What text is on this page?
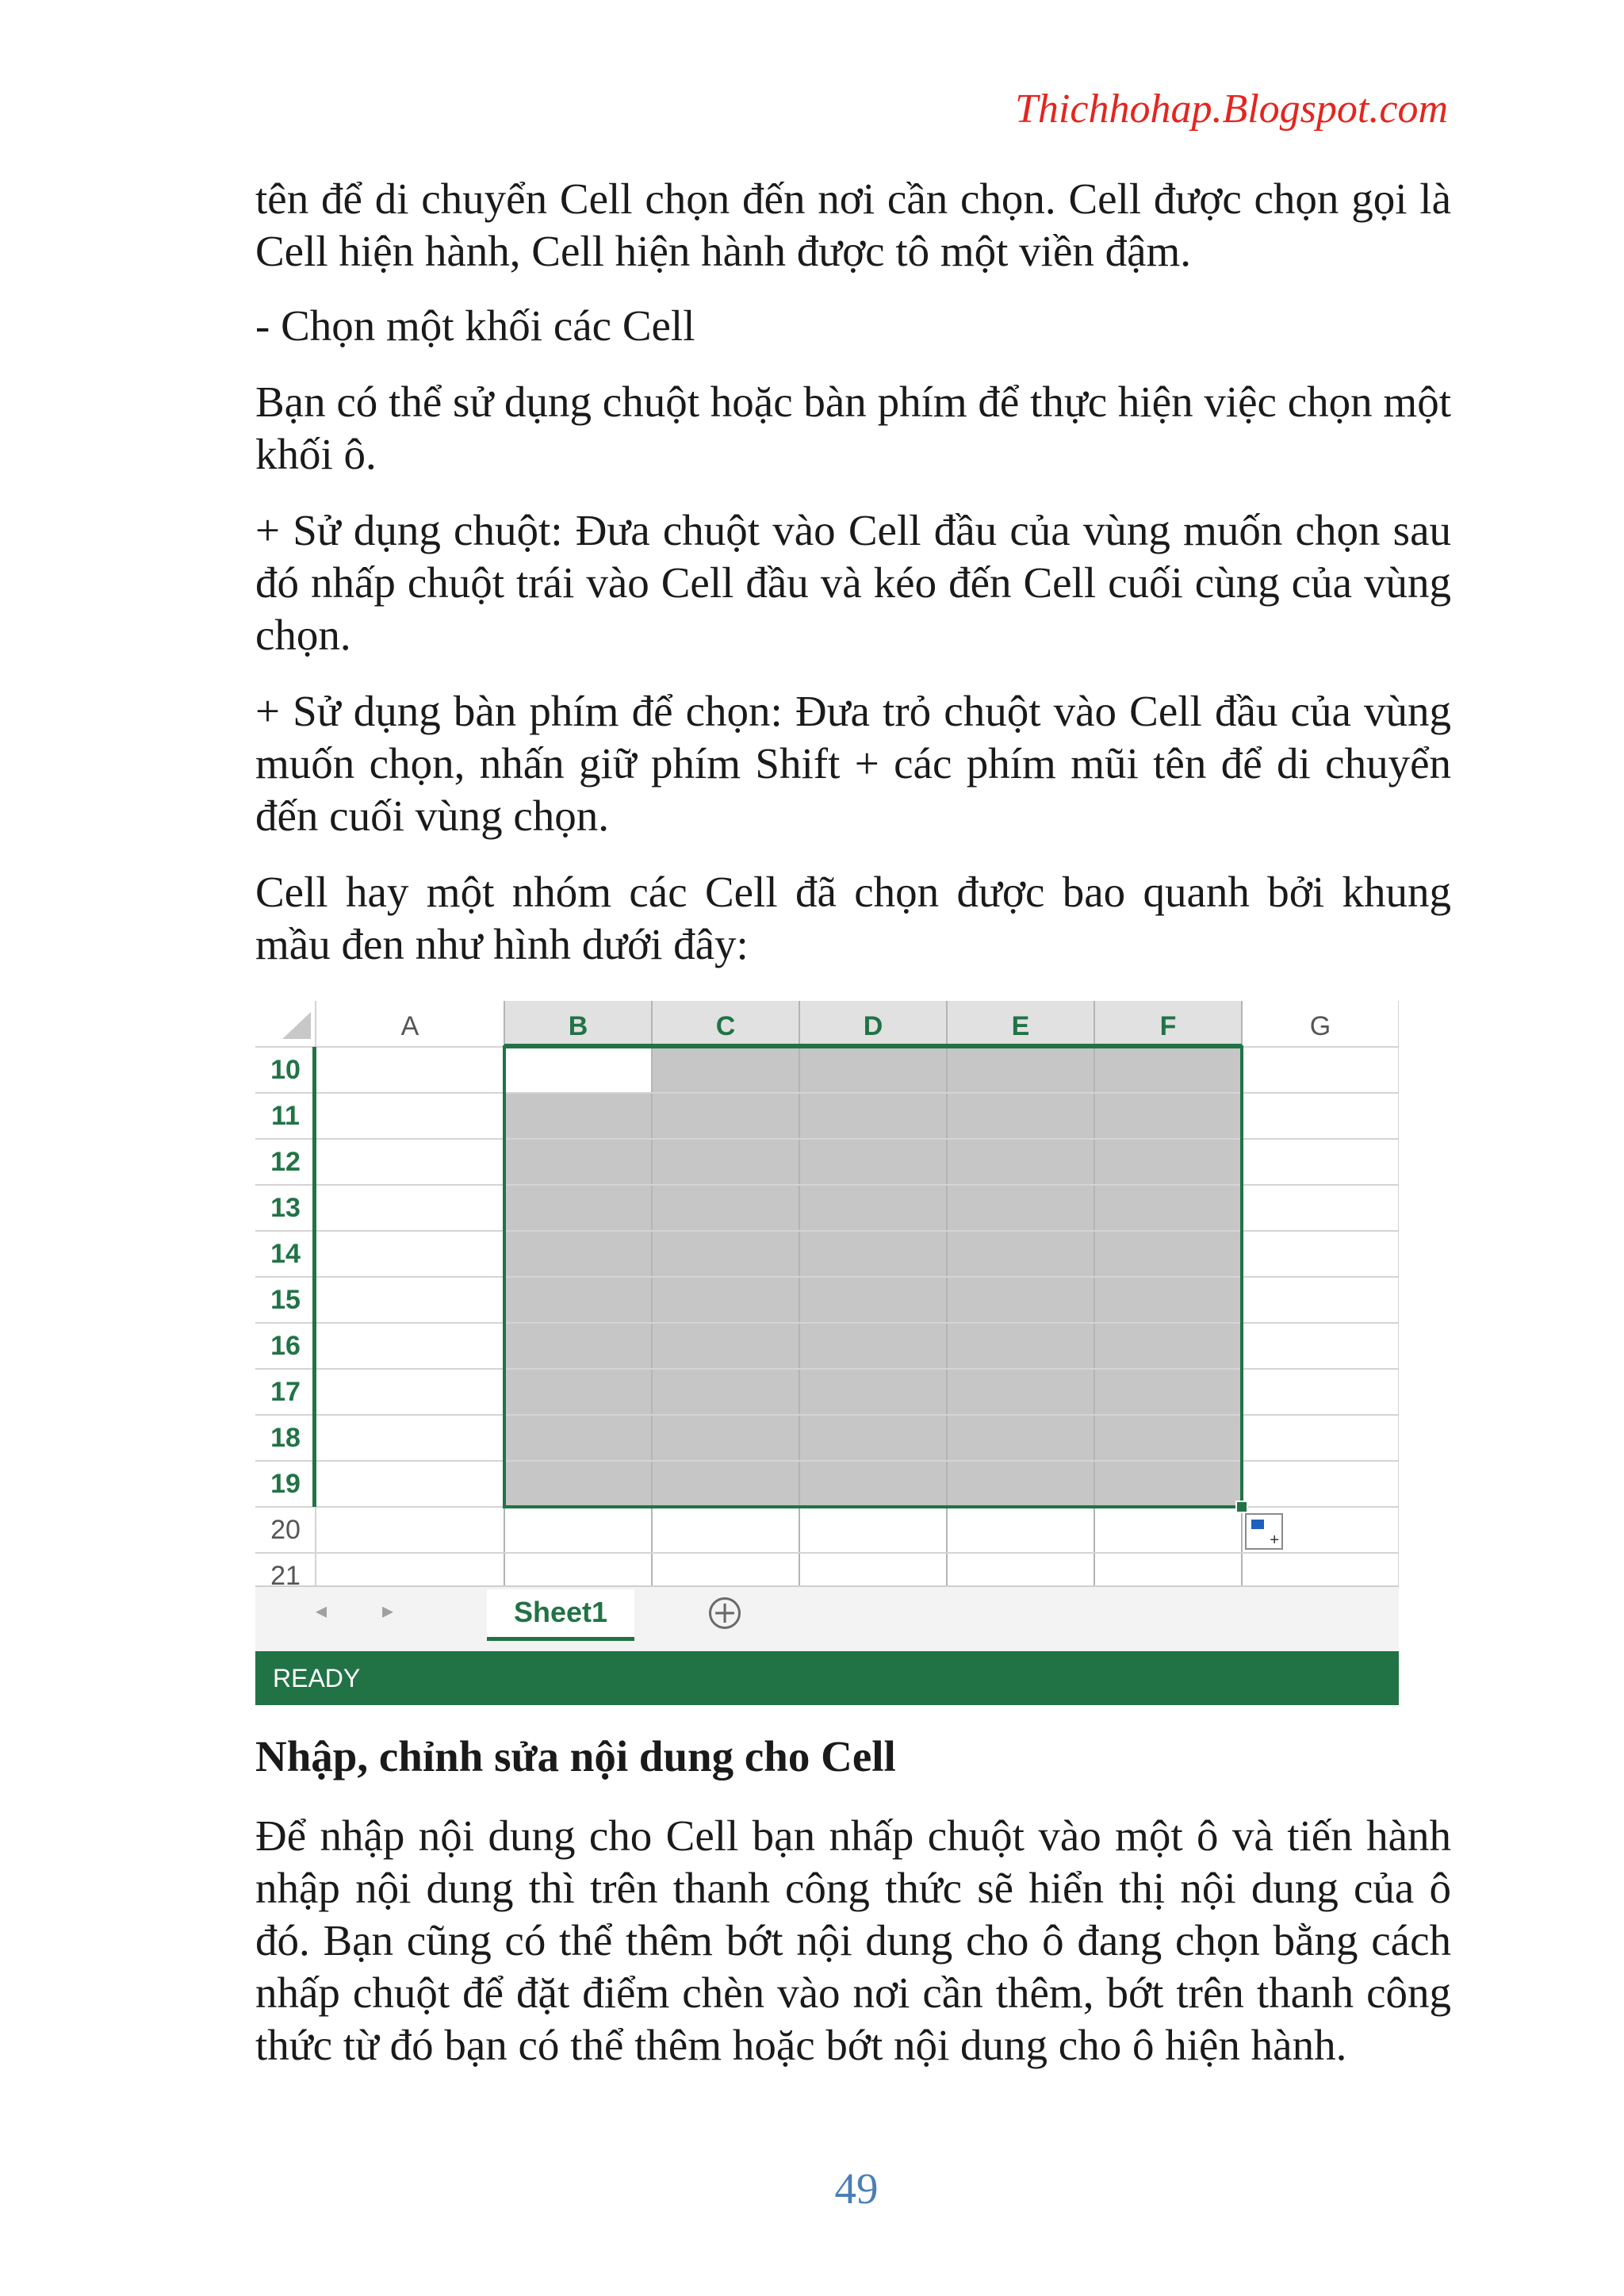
Thichhohap.Blogspot.com

tên để di chuyển Cell chọn đến nơi cần chọn. Cell được chọn gọi là Cell hiện hành, Cell hiện hành được tô một viền đậm.

- Chọn một khối các Cell

Bạn có thể sử dụng chuột hoặc bàn phím để thực hiện việc chọn một khối ô.

+ Sử dụng chuột: Đưa chuột vào Cell đầu của vùng muốn chọn sau đó nhấp chuột trái vào Cell đầu và kéo đến Cell cuối cùng của vùng chọn.

+ Sử dụng bàn phím để chọn: Đưa trỏ chuột vào Cell đầu của vùng muốn chọn, nhấn giữ phím Shift + các phím mũi tên để di chuyển đến cuối vùng chọn.

Cell hay một nhóm các Cell đã chọn được bao quanh bởi khung mầu đen như hình dưới đây:

A	B	C	D	E	F	G
10
11
12
13
14
15
16
17
18
19
20
21
+
◂ ▸	Sheet1	+
READY

Nhập, chỉnh sửa nội dung cho Cell

Để nhập nội dung cho Cell bạn nhấp chuột vào một ô và tiến hành nhập nội dung thì trên thanh công thức sẽ hiển thị nội dung của ô đó. Bạn cũng có thể thêm bớt nội dung cho ô đang chọn bằng cách nhấp chuột để đặt điểm chèn vào nơi cần thêm, bớt trên thanh công thức từ đó bạn có thể thêm hoặc bớt nội dung cho ô hiện hành.

49
